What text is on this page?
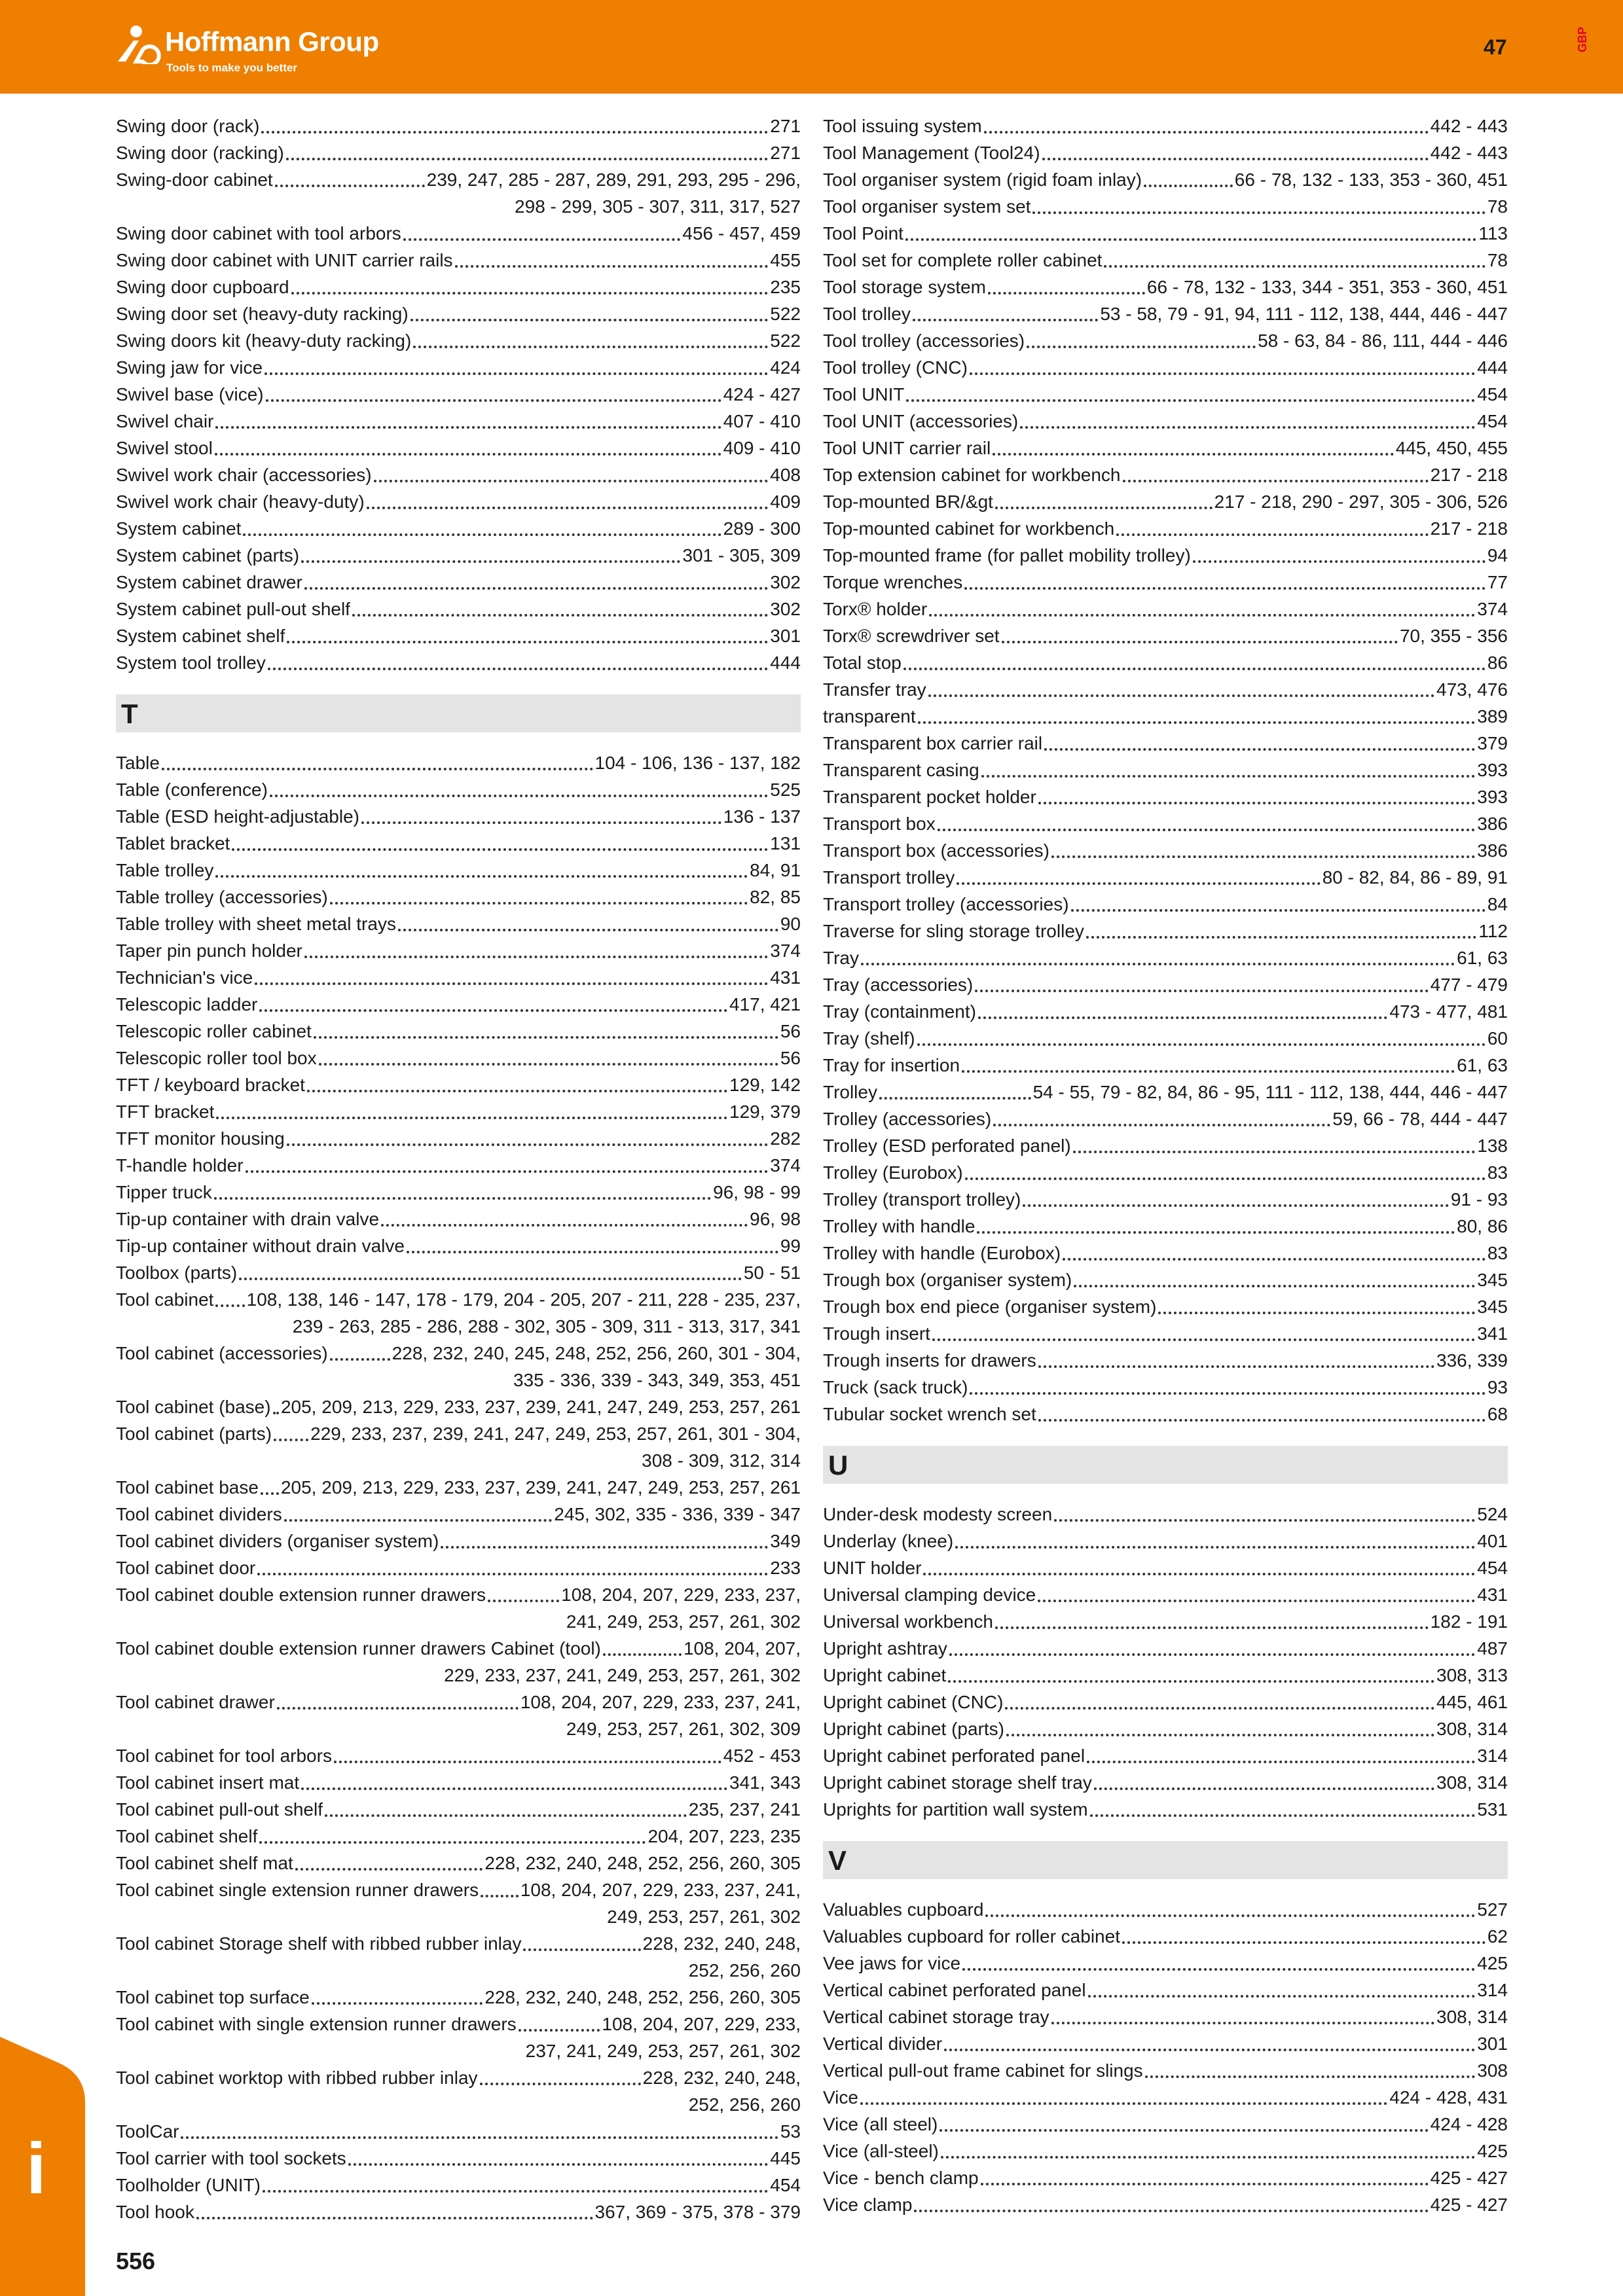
Hoffmann Group
Tools to make you better
47	GBP
Swing door (rack)	271
Swing door (racking)	271
Swing-door cabinet	239, 247, 285 - 287, 289, 291, 293, 295 - 296,
298 - 299, 305 - 307, 311, 317, 527
Swing door cabinet with tool arbors	456 - 457, 459
Swing door cabinet with UNIT carrier rails	455
Swing door cupboard	235
Swing door set (heavy-duty racking)	522
Swing doors kit (heavy-duty racking)	522
Swing jaw for vice	424
Swivel base (vice)	424 - 427
Swivel chair	407 - 410
Swivel stool	409 - 410
Swivel work chair (accessories)	408
Swivel work chair (heavy-duty)	409
System cabinet	289 - 300
System cabinet (parts)	301 - 305, 309
System cabinet drawer	302
System cabinet pull-out shelf	302
System cabinet shelf	301
System tool trolley	444
T
Table	104 - 106, 136 - 137, 182
Table (conference)	525
Table (ESD height-adjustable)	136 - 137
Tablet bracket	131
Table trolley	84, 91
Table trolley (accessories)	82, 85
Table trolley with sheet metal trays	90
Taper pin punch holder	374
Technician's vice	431
Telescopic ladder	417, 421
Telescopic roller cabinet	56
Telescopic roller tool box	56
TFT / keyboard bracket	129, 142
TFT bracket	129, 379
TFT monitor housing	282
T-handle holder	374
Tipper truck	96, 98 - 99
Tip-up container with drain valve	96, 98
Tip-up container without drain valve	99
Toolbox (parts)	50 - 51
Tool cabinet 108, 138, 146 - 147, 178 - 179, 204 - 205, 207 - 211, 228 - 235, 237,
239 - 263, 285 - 286, 288 - 302, 305 - 309, 311 - 313, 317, 341
Tool cabinet (accessories)	228, 232, 240, 245, 248, 252, 256, 260, 301 - 304,
335 - 336, 339 - 343, 349, 353, 451
Tool cabinet (base) 205, 209, 213, 229, 233, 237, 239, 241, 247, 249, 253, 257, 261
Tool cabinet (parts) 229, 233, 237, 239, 241, 247, 249, 253, 257, 261, 301 - 304,
308 - 309, 312, 314
Tool cabinet base 205, 209, 213, 229, 233, 237, 239, 241, 247, 249, 253, 257, 261
Tool cabinet dividers	245, 302, 335 - 336, 339 - 347
Tool cabinet dividers (organiser system)	349
Tool cabinet door	233
Tool cabinet double extension runner drawers	108, 204, 207, 229, 233, 237,
241, 249, 253, 257, 261, 302
Tool cabinet double extension runner drawers Cabinet (tool)	108, 204, 207,
229, 233, 237, 241, 249, 253, 257, 261, 302
Tool cabinet drawer	108, 204, 207, 229, 233, 237, 241,
249, 253, 257, 261, 302, 309
Tool cabinet for tool arbors	452 - 453
Tool cabinet insert mat	341, 343
Tool cabinet pull-out shelf	235, 237, 241
Tool cabinet shelf	204, 207, 223, 235
Tool cabinet shelf mat	228, 232, 240, 248, 252, 256, 260, 305
Tool cabinet single extension runner drawers 108, 204, 207, 229, 233, 237, 241,
249, 253, 257, 261, 302
Tool cabinet Storage shelf with ribbed rubber inlay	228, 232, 240, 248,
252, 256, 260
Tool cabinet top surface	228, 232, 240, 248, 252, 256, 260, 305
Tool cabinet with single extension runner drawers	108, 204, 207, 229, 233,
237, 241, 249, 253, 257, 261, 302
Tool cabinet worktop with ribbed rubber inlay	228, 232, 240, 248,
252, 256, 260
ToolCar	53
Tool carrier with tool sockets	445
Toolholder (UNIT)	454
Tool hook	367, 369 - 375, 378 - 379
Tool issuing system	442 - 443
Tool Management (Tool24)	442 - 443
Tool organiser system (rigid foam inlay)	66 - 78, 132 - 133, 353 - 360, 451
Tool organiser system set	78
Tool Point	113
Tool set for complete roller cabinet	78
Tool storage system	66 - 78, 132 - 133, 344 - 351, 353 - 360, 451
Tool trolley	53 - 58, 79 - 91, 94, 111 - 112, 138, 444, 446 - 447
Tool trolley (accessories)	58 - 63, 84 - 86, 111, 444 - 446
Tool trolley (CNC)	444
Tool UNIT	454
Tool UNIT (accessories)	454
Tool UNIT carrier rail	445, 450, 455
Top extension cabinet for workbench	217 - 218
Top-mounted BR/&gt	217 - 218, 290 - 297, 305 - 306, 526
Top-mounted cabinet for workbench	217 - 218
Top-mounted frame (for pallet mobility trolley)	94
Torque wrenches	77
Torx® holder	374
Torx® screwdriver set	70, 355 - 356
Total stop	86
Transfer tray	473, 476
transparent	389
Transparent box carrier rail	379
Transparent casing	393
Transparent pocket holder	393
Transport box	386
Transport box (accessories)	386
Transport trolley	80 - 82, 84, 86 - 89, 91
Transport trolley (accessories)	84
Traverse for sling storage trolley	112
Tray	61, 63
Tray (accessories)	477 - 479
Tray (containment)	473 - 477, 481
Tray (shelf)	60
Tray for insertion	61, 63
Trolley	54 - 55, 79 - 82, 84, 86 - 95, 111 - 112, 138, 444, 446 - 447
Trolley (accessories)	59, 66 - 78, 444 - 447
Trolley (ESD perforated panel)	138
Trolley (Eurobox)	83
Trolley (transport trolley)	91 - 93
Trolley with handle	80, 86
Trolley with handle (Eurobox)	83
Trough box (organiser system)	345
Trough box end piece (organiser system)	345
Trough insert	341
Trough inserts for drawers	336, 339
Truck (sack truck)	93
Tubular socket wrench set	68
U
Under-desk modesty screen	524
Underlay (knee)	401
UNIT holder	454
Universal clamping device	431
Universal workbench	182 - 191
Upright ashtray	487
Upright cabinet	308, 313
Upright cabinet (CNC)	445, 461
Upright cabinet (parts)	308, 314
Upright cabinet perforated panel	314
Upright cabinet storage shelf tray	308, 314
Uprights for partition wall system	531
V
Valuables cupboard	527
Valuables cupboard for roller cabinet	62
Vee jaws for vice	425
Vertical cabinet perforated panel	314
Vertical cabinet storage tray	308, 314
Vertical divider	301
Vertical pull-out frame cabinet for slings	308
Vice	424 - 428, 431
Vice (all steel)	424 - 428
Vice (all-steel)	425
Vice - bench clamp	425 - 427
Vice clamp	425 - 427
i
556
